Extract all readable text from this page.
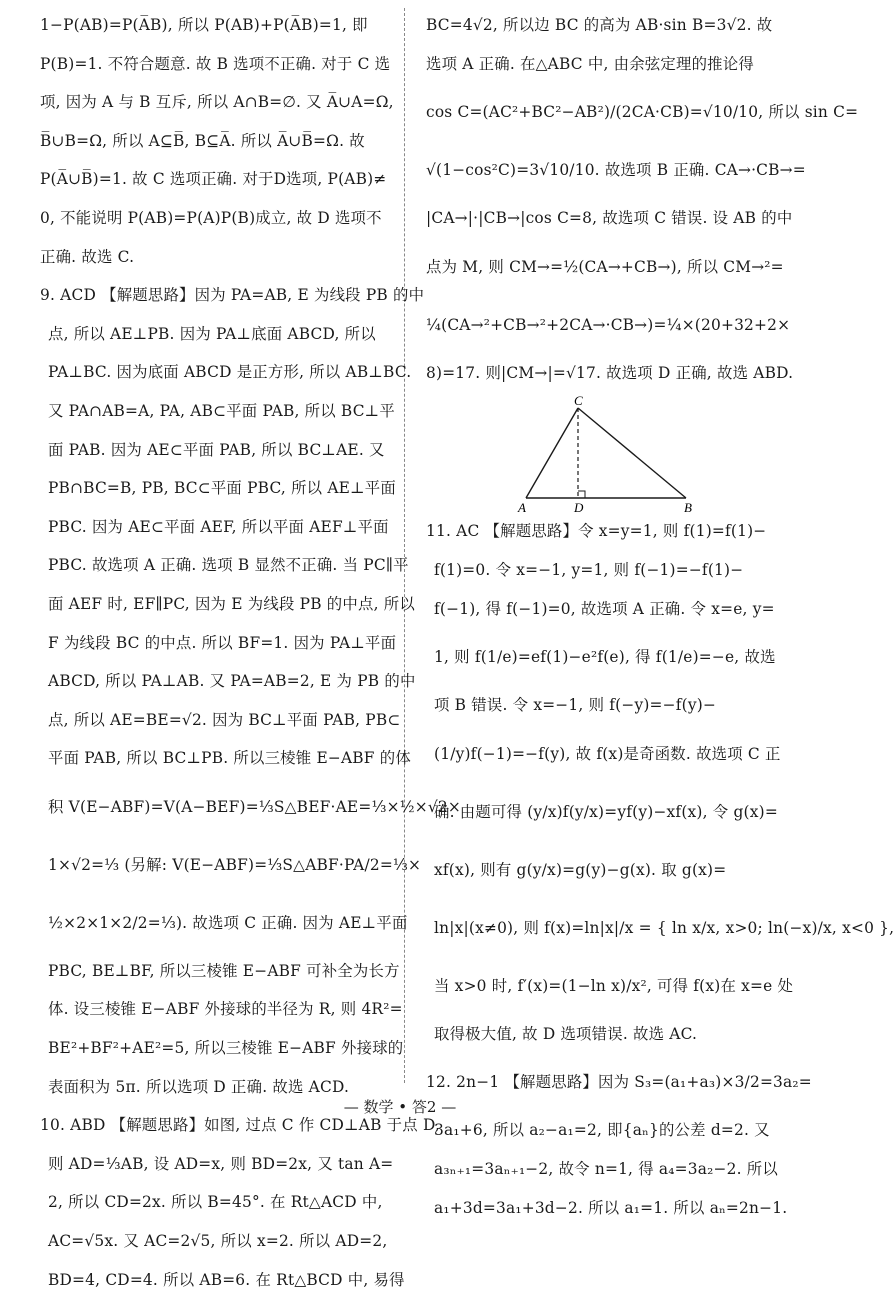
1−P(AB)=P(A̅B), 所以 P(AB)+P(A̅B)=1, 即
P(B)=1. 不符合题意. 故 B 选项不正确. 对于 C 选
项, 因为 A 与 B 互斥, 所以 A∩B=∅. 又 A̅∪A=Ω,
B̅∪B=Ω, 所以 A⊆B̅, B⊆A̅. 所以 A̅∪B̅=Ω. 故
P(A̅∪B̅)=1. 故 C 选项正确. 对于D选项, P(AB)≠
0, 不能说明 P(AB)=P(A)P(B)成立, 故 D 选项不
正确. 故选 C.
9. ACD 【解题思路】因为 PA=AB, E 为线段 PB 的中
点, 所以 AE⊥PB. 因为 PA⊥底面 ABCD, 所以
PA⊥BC. 因为底面 ABCD 是正方形, 所以 AB⊥BC.
又 PA∩AB=A, PA, AB⊂平面 PAB, 所以 BC⊥平
面 PAB. 因为 AE⊂平面 PAB, 所以 BC⊥AE. 又
PB∩BC=B, PB, BC⊂平面 PBC, 所以 AE⊥平面
PBC. 因为 AE⊂平面 AEF, 所以平面 AEF⊥平面
PBC. 故选项 A 正确. 选项 B 显然不正确. 当 PC∥平
面 AEF 时, EF∥PC, 因为 E 为线段 PB 的中点, 所以
F 为线段 BC 的中点. 所以 BF=1. 因为 PA⊥平面
ABCD, 所以 PA⊥AB. 又 PA=AB=2, E 为 PB 的中
点, 所以 AE=BE=√2. 因为 BC⊥平面 PAB, PB⊂
平面 PAB, 所以 BC⊥PB. 所以三棱锥 E−ABF 的体
积 V(E−ABF)=V(A−BEF)=⅓S△BEF·AE=⅓×½×√2×
1×√2=⅓ (另解: V(E−ABF)=⅓S△ABF·PA/2=⅓×
½×2×1×2/2=⅓). 故选项 C 正确. 因为 AE⊥平面
PBC, BE⊥BF, 所以三棱锥 E−ABF 可补全为长方
体. 设三棱锥 E−ABF 外接球的半径为 R, 则 4R²=
BE²+BF²+AE²=5, 所以三棱锥 E−ABF 外接球的
表面积为 5π. 所以选项 D 正确. 故选 ACD.
10. ABD 【解题思路】如图, 过点 C 作 CD⊥AB 于点 D,
则 AD=⅓AB, 设 AD=x, 则 BD=2x, 又 tan A=
2, 所以 CD=2x. 所以 B=45°. 在 Rt△ACD 中,
AC=√5x. 又 AC=2√5, 所以 x=2. 所以 AD=2,
BD=4, CD=4. 所以 AB=6. 在 Rt△BCD 中, 易得
BC=4√2, 所以边 BC 的高为 AB·sin B=3√2. 故
选项 A 正确. 在△ABC 中, 由余弦定理的推论得
cos C=(AC²+BC²−AB²)/(2CA·CB)=√10/10, 所以 sin C=
√(1−cos²C)=3√10/10. 故选项 B 正确. CA→·CB→=
|CA→|·|CB→|cos C=8, 故选项 C 错误. 设 AB 的中
点为 M, 则 CM→=½(CA→+CB→), 所以 CM→²=
¼(CA→²+CB→²+2CA→·CB→)=¼×(20+32+2×
8)=17. 则|CM→|=√17. 故选项 D 正确, 故选 ABD.
C
A	D	B
11. AC 【解题思路】令 x=y=1, 则 f(1)=f(1)−
f(1)=0. 令 x=−1, y=1, 则 f(−1)=−f(1)−
f(−1), 得 f(−1)=0, 故选项 A 正确. 令 x=e, y=
1, 则 f(1/e)=ef(1)−e²f(e), 得 f(1/e)=−e, 故选
项 B 错误. 令 x=−1, 则 f(−y)=−f(y)−
(1/y)f(−1)=−f(y), 故 f(x)是奇函数. 故选项 C 正
确. 由题可得 (y/x)f(y/x)=yf(y)−xf(x), 令 g(x)=
xf(x), 则有 g(y/x)=g(y)−g(x). 取 g(x)=
ln|x|(x≠0), 则 f(x)=ln|x|/x = { ln x/x, x>0; ln(−x)/x, x<0 },
当 x>0 时, f′(x)=(1−ln x)/x², 可得 f(x)在 x=e 处
取得极大值, 故 D 选项错误. 故选 AC.
12. 2n−1 【解题思路】因为 S₃=(a₁+a₃)×3/2=3a₂=
3a₁+6, 所以 a₂−a₁=2, 即{aₙ}的公差 d=2. 又
a₃ₙ₊₁=3aₙ₊₁−2, 故令 n=1, 得 a₄=3a₂−2. 所以
a₁+3d=3a₁+3d−2. 所以 a₁=1. 所以 aₙ=2n−1.
— 数学 • 答2 —
